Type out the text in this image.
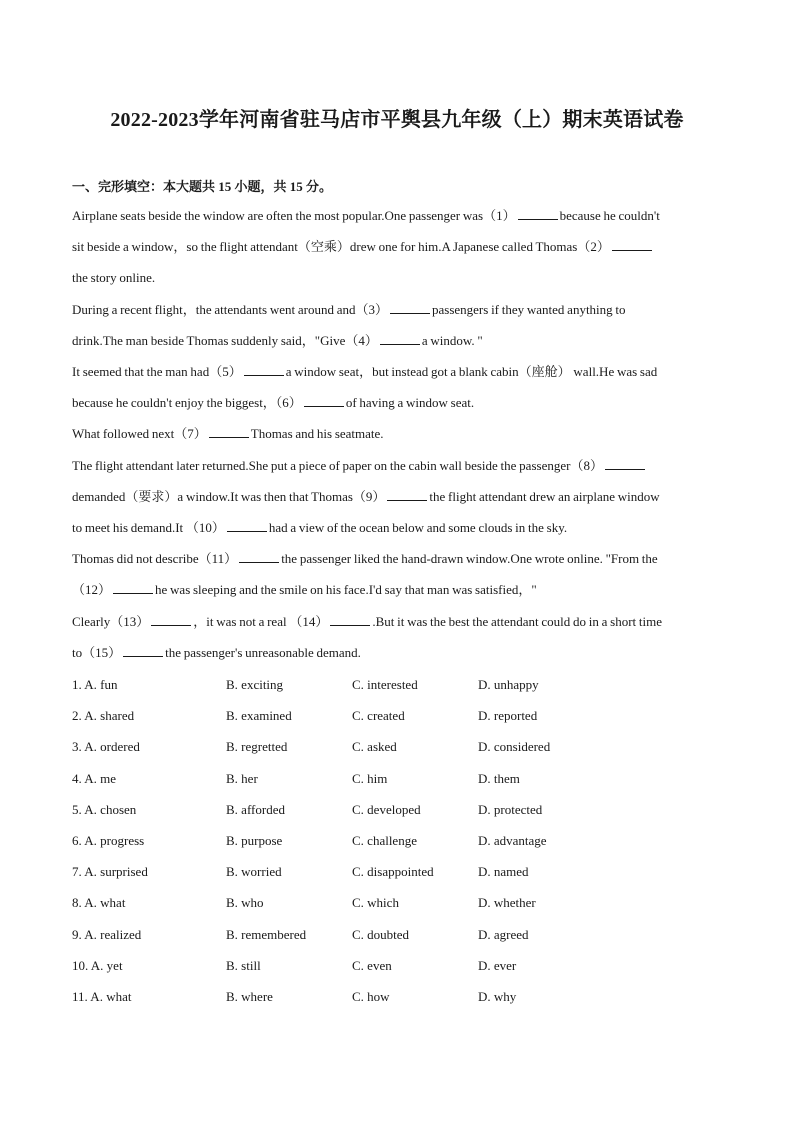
2022-2023学年河南省驻马店市平舆县九年级（上）期末英语试卷
一、完形填空：本大题共 15 小题，共 15 分。
Airplane seats beside the window are often the most popular.One passenger was（1）	because he couldn't
sit beside a window，so the flight attendant（空乘）drew one for him.A Japanese called Thomas（2）
the story online.
During a recent flight，the attendants went around and（3）	passengers if they wanted anything to
drink.The man beside Thomas suddenly said，"Give（4）	a window. "
It seemed that the man had（5）	a window seat，but instead got a blank cabin（座舱） wall.He was sad
because he couldn't enjoy the biggest，（6）	of having a window seat.
What followed next（7）	Thomas and his seatmate.
The flight attendant later returned.She put a piece of paper on the cabin wall beside the passenger（8）
demanded（要求）a window.It was then that Thomas（9）	the flight attendant drew an airplane window
to meet his demand.It （10）	had a view of the ocean below and some clouds in the sky.
Thomas did not describe（11）	the passenger liked the hand-drawn window.One wrote online. "From the
（12）	he was sleeping and the smile on his face.I'd say that man was satisfied，"
Clearly（13）	，it was not a real （14）	.But it was the best the attendant could do in a short time
to（15）	the passenger's unreasonable demand.
1. A. fun	B. exciting	C. interested	D. unhappy
2. A. shared	B. examined	C. created	D. reported
3. A. ordered	B. regretted	C. asked	D. considered
4. A. me	B. her	C. him	D. them
5. A. chosen	B. afforded	C. developed	D. protected
6. A. progress	B. purpose	C. challenge	D. advantage
7. A. surprised	B. worried	C. disappointed	D. named
8. A. what	B. who	C. which	D. whether
9. A. realized	B. remembered	C. doubted	D. agreed
10. A. yet	B. still	C. even	D. ever
11. A. what	B. where	C. how	D. why
